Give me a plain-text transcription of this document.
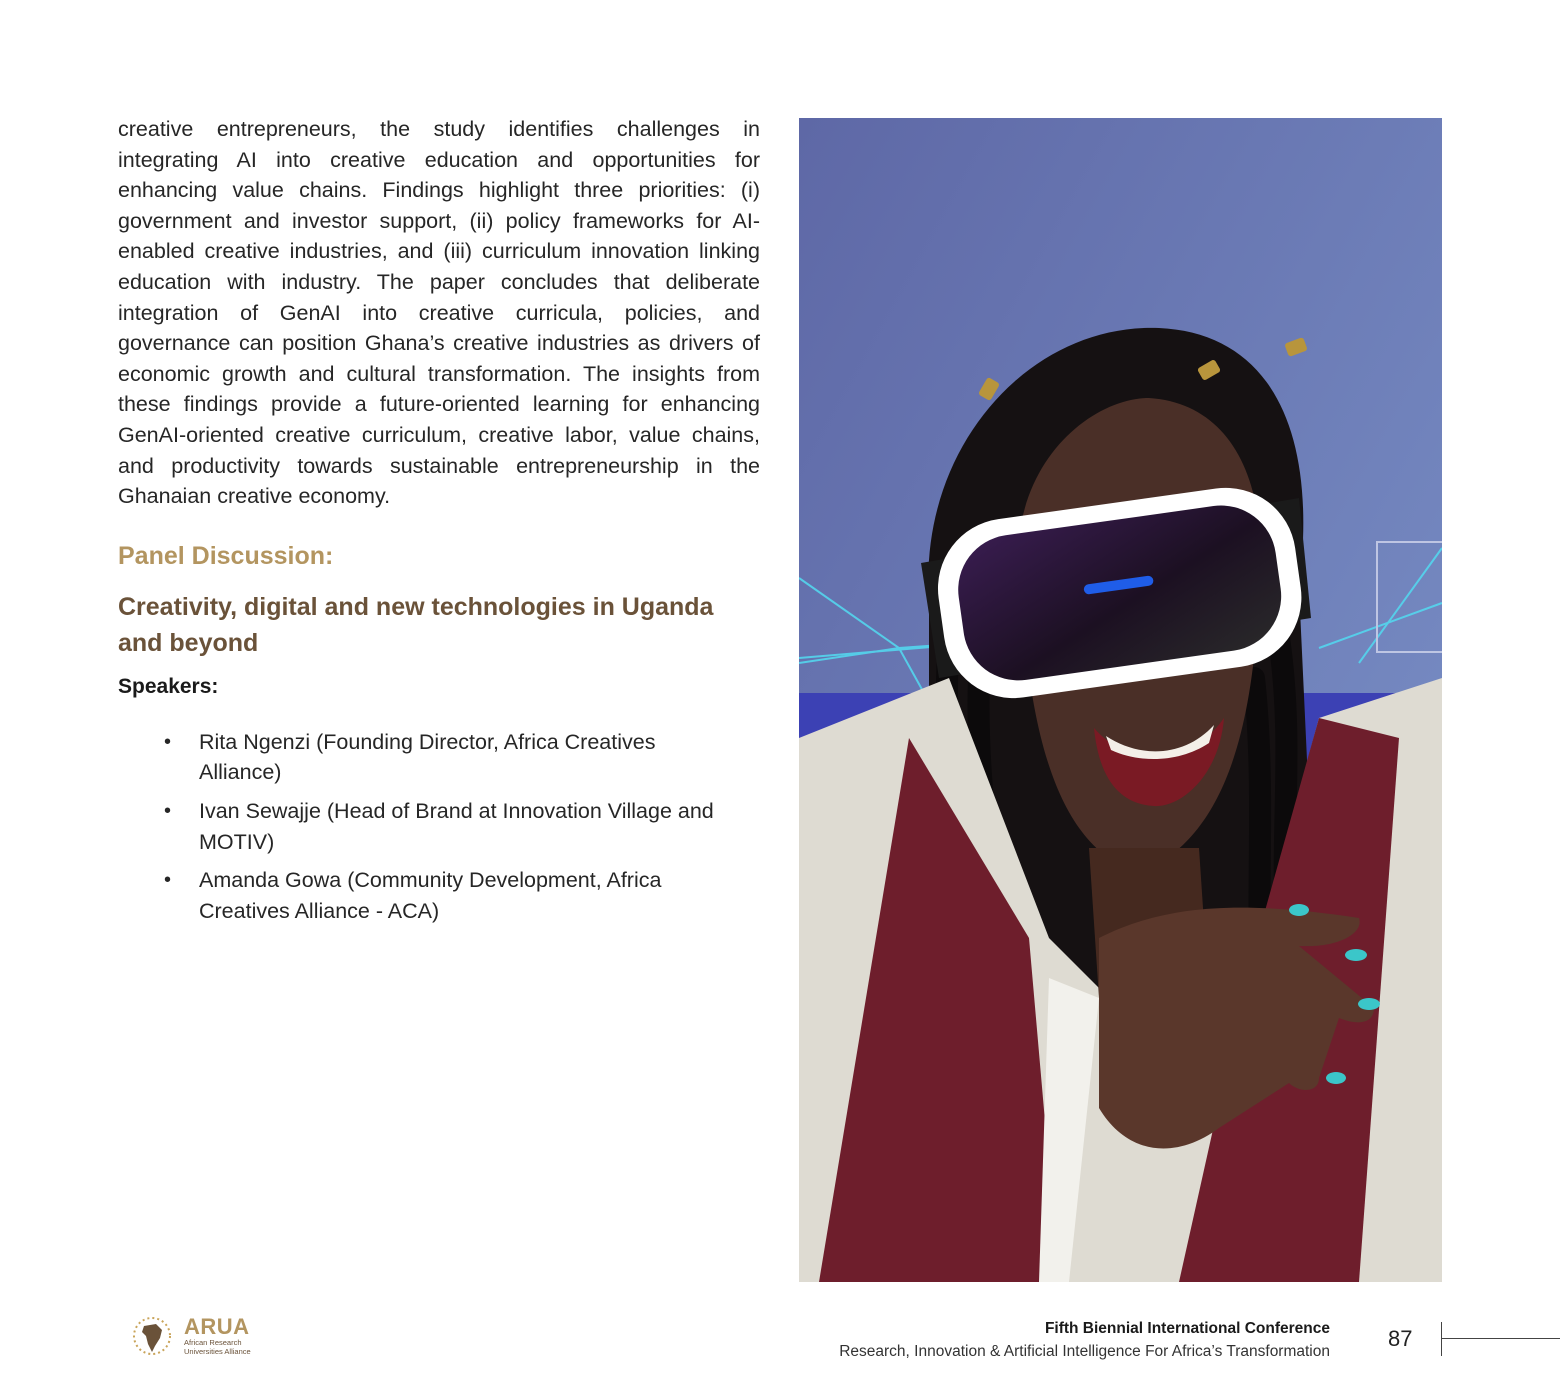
creative entrepreneurs, the study identifies challenges in integrating AI into creative education and opportunities for enhancing value chains. Findings highlight three priorities: (i) government and investor support, (ii) policy frameworks for AI-enabled creative industries, and (iii) curriculum innovation linking education with industry. The paper concludes that deliberate integration of GenAI into creative curricula, policies, and governance can position Ghana’s creative industries as drivers of economic growth and cultural transformation. The insights from these findings provide a future-oriented learning for enhancing GenAI-oriented creative curriculum, creative labor, value chains, and productivity towards sustainable entrepreneurship in the Ghanaian creative economy.

Panel Discussion:
Creativity, digital and new technologies in Uganda and beyond
Speakers:
• Rita Ngenzi (Founding Director, Africa Creatives Alliance)
• Ivan Sewajje (Head of Brand at Innovation Village and MOTIV)
• Amanda Gowa (Community Development, Africa Creatives Alliance - ACA)
ARUA
African Research
Universities Alliance
Fifth Biennial International Conference
Research, Innovation & Artificial Intelligence For Africa’s Transformation
87
